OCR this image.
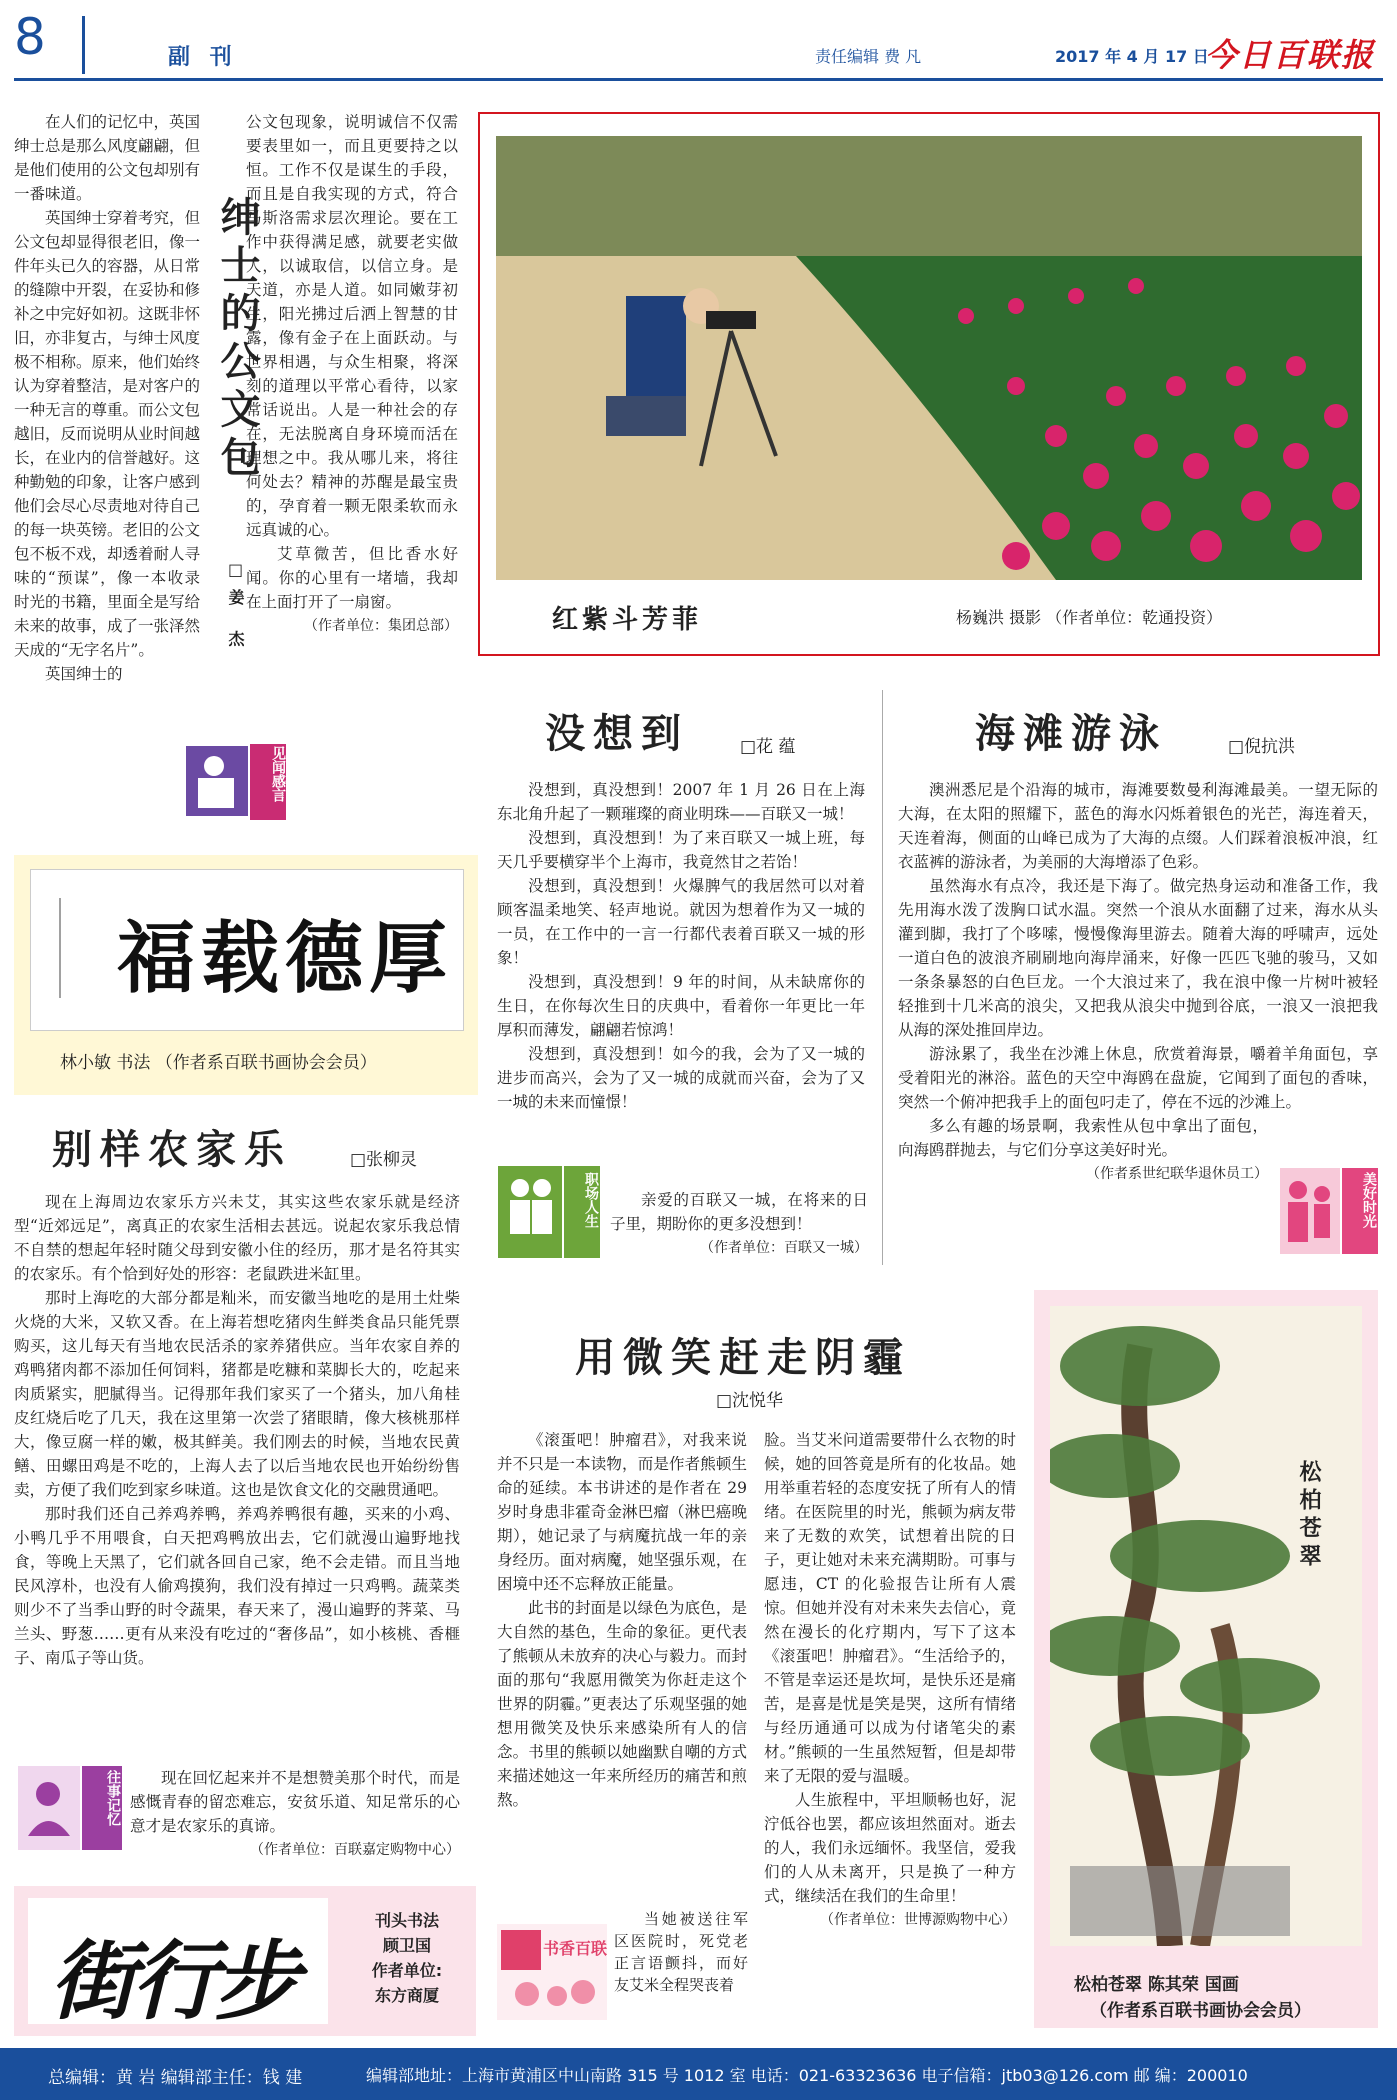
8	副 刊	责任编辑 费 凡	2017 年 4 月 17 日
今日百联报

在人们的记忆中，英国绅士总是那么风度翩翩，但是他们使用的公文包却别有一番味道。

英国绅士穿着考究，但公文包却显得很老旧，像一件年头已久的容器，从日常的缝隙中开裂，在妥协和修补之中完好如初。这既非怀旧，亦非复古，与绅士风度极不相称。原来，他们始终认为穿着整洁，是对客户的一种无言的尊重。而公文包越旧，反而说明从业时间越长，在业内的信誉越好。这种勤勉的印象，让客户感到他们会尽心尽责地对待自己的每一块英镑。老旧的公文包不板不戏，却透着耐人寻味的“预谋”，像一本收录时光的书籍，里面全是写给未来的故事，成了一张泽然天成的“无字名片”。

英国绅士的

绅士的公文包
□姜 杰

公文包现象，说明诚信不仅需要表里如一，而且更要持之以恒。工作不仅是谋生的手段，而且是自我实现的方式，符合马斯洛需求层次理论。要在工作中获得满足感，就要老实做人，以诚取信，以信立身。是天道，亦是人道。如同嫩芽初生，阳光拂过后洒上智慧的甘露，像有金子在上面跃动。与世界相遇，与众生相聚，将深刻的道理以平常心看待，以家常话说出。人是一种社会的存在，无法脱离自身环境而活在理想之中。我从哪儿来，将往何处去？精神的苏醒是最宝贵的，孕育着一颗无限柔软而永远真诚的心。

艾草微苦，但比香水好闻。你的心里有一堵墙，我却在上面打开了一扇窗。

（作者单位：集团总部）

见闻感言
红紫斗芳菲	杨巍洪 摄影 （作者单位：乾通投资）
没想到	□花 蕴

没想到，真没想到！2007 年 1 月 26 日在上海东北角升起了一颗璀璨的商业明珠——百联又一城！

没想到，真没想到！为了来百联又一城上班，每天几乎要横穿半个上海市，我竟然甘之若饴！

没想到，真没想到！火爆脾气的我居然可以对着顾客温柔地笑、轻声地说。就因为想着作为又一城的一员，在工作中的一言一行都代表着百联又一城的形象！

没想到，真没想到！9 年的时间，从未缺席你的生日，在你每次生日的庆典中，看着你一年更比一年厚积而薄发，翩翩若惊鸿！

没想到，真没想到！如今的我，会为了又一城的进步而高兴，会为了又一城的成就而兴奋，会为了又一城的未来而憧憬！

亲爱的百联又一城，在将来的日子里，期盼你的更多没想到！

（作者单位：百联又一城）

职场人生
海滩游泳	□倪抗洪

澳洲悉尼是个沿海的城市，海滩要数曼利海滩最美。一望无际的大海，在太阳的照耀下，蓝色的海水闪烁着银色的光芒，海连着天，天连着海，侧面的山峰已成为了大海的点缀。人们踩着浪板冲浪，红衣蓝裤的游泳者，为美丽的大海增添了色彩。

虽然海水有点冷，我还是下海了。做完热身运动和准备工作，我先用海水泼了泼胸口试水温。突然一个浪从水面翻了过来，海水从头灌到脚，我打了个哆嗦，慢慢像海里游去。随着大海的呼啸声，远处一道白色的波浪齐刷刷地向海岸涌来，好像一匹匹飞驰的骏马，又如一条条暴怒的白色巨龙。一个大浪过来了，我在浪中像一片树叶被轻轻推到十几米高的浪尖，又把我从浪尖中抛到谷底，一浪又一浪把我从海的深处推回岸边。

游泳累了，我坐在沙滩上休息，欣赏着海景，嚼着羊角面包，享受着阳光的淋浴。蓝色的天空中海鸥在盘旋，它闻到了面包的香味，突然一个俯冲把我手上的面包叼走了，停在不远的沙滩上。

多么有趣的场景啊，我索性从包中拿出了面包，向海鸥群抛去，与它们分享这美好时光。

（作者系世纪联华退休员工）	美好时光
厚德载福
林小敏 书法 （作者系百联书画协会会员）
别样农家乐	□张柳灵

现在上海周边农家乐方兴未艾，其实这些农家乐就是经济型“近郊远足”，离真正的农家生活相去甚远。说起农家乐我总情不自禁的想起年轻时随父母到安徽小住的经历，那才是名符其实的农家乐。有个恰到好处的形容：老鼠跌进米缸里。

那时上海吃的大部分都是籼米，而安徽当地吃的是用土灶柴火烧的大米，又软又香。在上海若想吃猪肉生鲜类食品只能凭票购买，这儿每天有当地农民活杀的家养猪供应。当年农家自养的鸡鸭猪肉都不添加任何饲料，猪都是吃糠和菜脚长大的，吃起来肉质紧实，肥腻得当。记得那年我们家买了一个猪头，加八角桂皮红烧后吃了几天，我在这里第一次尝了猪眼睛，像大核桃那样大，像豆腐一样的嫩，极其鲜美。我们刚去的时候，当地农民黄鳝、田螺田鸡是不吃的，上海人去了以后当地农民也开始纷纷售卖，方便了我们吃到家乡味道。这也是饮食文化的交融贯通吧。

那时我们还自己养鸡养鸭，养鸡养鸭很有趣，买来的小鸡、小鸭几乎不用喂食，白天把鸡鸭放出去，它们就漫山遍野地找食，等晚上天黑了，它们就各回自己家，绝不会走错。而且当地民风淳朴，也没有人偷鸡摸狗，我们没有掉过一只鸡鸭。蔬菜类则少不了当季山野的时令蔬果，春天来了，漫山遍野的荠菜、马兰头、野葱……更有从来没有吃过的“奢侈品”，如小核桃、香榧子、南瓜子等山货。

现在回忆起来并不是想赞美那个时代，而是感慨青春的留恋难忘，安贫乐道、知足常乐的心意才是农家乐的真谛。

（作者单位：百联嘉定购物中心）

往事记忆
用微笑赶走阴霾
□沈悦华

《滚蛋吧！肿瘤君》，对我来说并不只是一本读物，而是作者熊顿生命的延续。本书讲述的是作者在 29 岁时身患非霍奇金淋巴瘤（淋巴癌晚期），她记录了与病魔抗战一年的亲身经历。面对病魔，她坚强乐观，在困境中还不忘释放正能量。

此书的封面是以绿色为底色，是大自然的基色，生命的象征。更代表了熊顿从未放弃的决心与毅力。而封面的那句“我愿用微笑为你赶走这个世界的阴霾。”更表达了乐观坚强的她想用微笑及快乐来感染所有人的信念。书里的熊顿以她幽默自嘲的方式来描述她这一年来所经历的痛苦和煎熬。

当她被送往军区医院时，死党老正言语颤抖，而好友艾米全程哭丧着

脸。当艾米问道需要带什么衣物的时候，她的回答竟是所有的化妆品。她用举重若轻的态度安抚了所有人的情绪。在医院里的时光，熊顿为病友带来了无数的欢笑，试想着出院的日子，更让她对未来充满期盼。可事与愿违，CT 的化验报告让所有人震惊。但她并没有对未来失去信心，竟然在漫长的化疗期内，写下了这本《滚蛋吧！肿瘤君》。“生活给予的，不管是幸运还是坎坷，是快乐还是痛苦，是喜是忧是笑是哭，这所有情绪与经历通通可以成为付诸笔尖的素材。”熊顿的一生虽然短暂，但是却带来了无限的爱与温暖。

人生旅程中，平坦顺畅也好，泥泞低谷也罢，都应该坦然面对。逝去的人，我们永远缅怀。我坚信，爱我们的人从未离开，只是换了一种方式，继续活在我们的生命里！

（作者单位：世博源购物中心）

书香百联
松柏苍翠
松柏苍翠 陈其荣 国画
（作者系百联书画协会会员）
街行步
刊头书法
顾卫国
作者单位:
东方商厦
总编辑：黄 岩 编辑部主任：钱 建	编辑部地址：上海市黄浦区中山南路 315 号 1012 室 电话：021-63323636 电子信箱：jtb03@126.com 邮 编：200010
